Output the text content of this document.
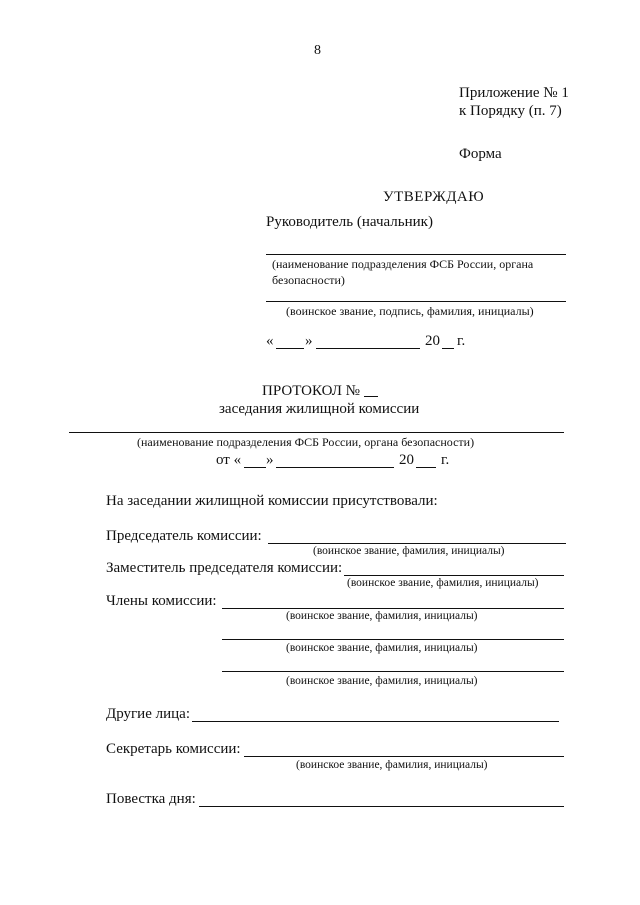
8
Приложение № 1
к Порядку (п. 7)
Форма
УТВЕРЖДАЮ
Руководитель (начальник)
(наименование подразделения ФСБ России, органа
безопасности)
(воинское звание, подпись, фамилия, инициалы)
« »	20 г.
ПРОТОКОЛ №
заседания жилищной комиссии
(наименование подразделения ФСБ России, органа безопасности)
от « »	20 г.
На заседании жилищной комиссии присутствовали:
Председатель комиссии:
(воинское звание, фамилия, инициалы)
Заместитель председателя комиссии:
(воинское звание, фамилия, инициалы)
Члены комиссии:
(воинское звание, фамилия, инициалы)
(воинское звание, фамилия, инициалы)
(воинское звание, фамилия, инициалы)
Другие лица:
Секретарь комиссии:
(воинское звание, фамилия, инициалы)
Повестка дня:
